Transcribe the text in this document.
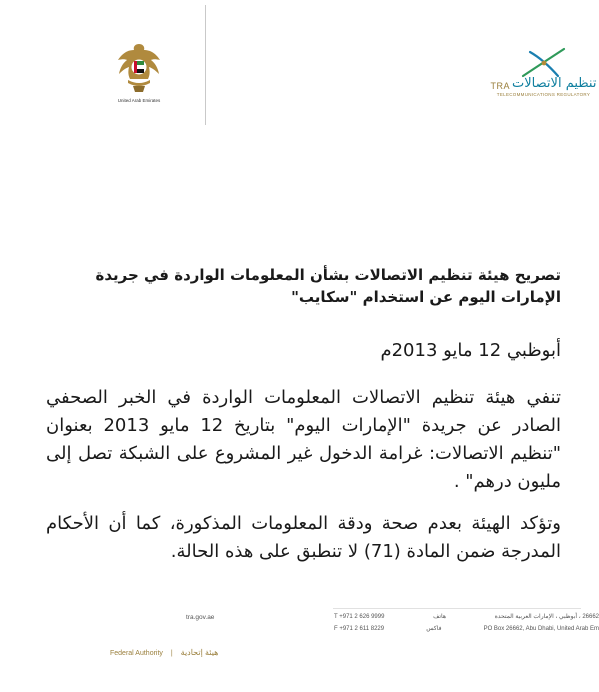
United Arab Emirates
TRA تنظيم الاتصالات
TELECOMMUNICATIONS REGULATORY
تصريح هيئة تنظيم الاتصالات بشأن المعلومات الواردة في جريدة
الإمارات اليوم عن استخدام "سكايب"
أبوظبي 12 مايو 2013م
تنفي هيئة تنظيم الاتصالات المعلومات الواردة في الخبر الصحفي الصادر عن جريدة "الإمارات اليوم" بتاريخ 12 مايو 2013 بعنوان "تنظيم الاتصالات: غرامة الدخول غير المشروع على الشبكة تصل إلى مليون درهم" .
وتؤكد الهيئة بعدم صحة ودقة المعلومات المذكورة، كما أن الأحكام المدرجة ضمن المادة (71) لا تنطبق على هذه الحالة.
T +971 2 626 9999	هاتف	26662 ، أبوظبي ، الإمارات العربية المتحدة
F +971 2 611 8229	فاكس	PO Box 26662, Abu Dhabi, United Arab Em
tra.gov.ae
Federal Authority | هيئة إتحادية
